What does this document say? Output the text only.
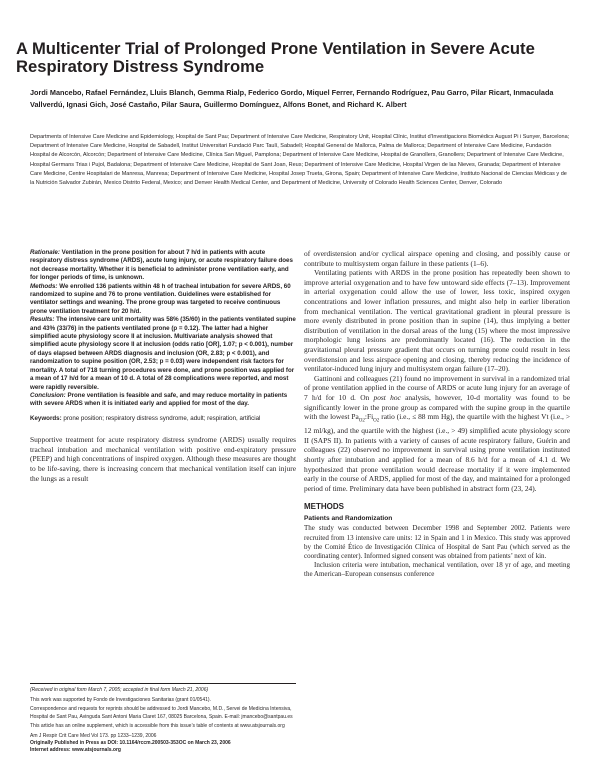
A Multicenter Trial of Prolonged Prone Ventilation in Severe Acute Respiratory Distress Syndrome
Jordi Mancebo, Rafael Fernández, Lluis Blanch, Gemma Rialp, Federico Gordo, Miquel Ferrer, Fernando Rodríguez, Pau Garro, Pilar Ricart, Inmaculada Vallverdú, Ignasi Gich, José Castaño, Pilar Saura, Guillermo Domínguez, Alfons Bonet, and Richard K. Albert
Departments of Intensive Care Medicine and Epidemiology, Hospital de Sant Pau; Department of Intensive Care Medicine, Respiratory Unit, Hospital Clínic, Institut d’Investigacions Biomèdics August Pi i Sunyer, Barcelona; Department of Intensive Care Medicine, Hospital de Sabadell, Institut Universitari Fundació Parc Taulí, Sabadell; Hospital General de Mallorca, Palma de Mallorca; Department of Intensive Care Medicine, Fundación Hospital de Alcorcón, Alcorcón; Department of Intensive Care Medicine, Clínica San Miguel, Pamplona; Department of Intensive Care Medicine, Hospital de Granollers, Granollers; Department of Intensive Care Medicine, Hospital Germans Trias i Pujol, Badalona; Department of Intensive Care Medicine, Hospital de Sant Joan, Reus; Department of Intensive Care Medicine, Hospital Virgen de las Nieves, Granada; Department of Intensive Care Medicine, Centre Hospitalari de Manresa, Manresa; Department of Intensive Care Medicine, Hospital Josep Trueta, Girona, Spain; Department of Intensive Care Medicine, Instituto Nacional de Ciencias Médicas y de la Nutrición Salvador Zubirán, Mexico Distrito Federal, Mexico; and Denver Health Medical Center, and Department of Medicine, University of Colorado Health Sciences Center, Denver, Colorado

Rationale: Ventilation in the prone position for about 7 h/d in patients with acute respiratory distress syndrome (ARDS), acute lung injury, or acute respiratory failure does not decrease mortality. Whether it is beneficial to administer prone ventilation early, and for longer periods of time, is unknown.

Methods: We enrolled 136 patients within 48 h of tracheal intubation for severe ARDS, 60 randomized to supine and 76 to prone ventilation. Guidelines were established for ventilator settings and weaning. The prone group was targeted to receive continuous prone ventilation treatment for 20 h/d.

Results: The intensive care unit mortality was 58% (35/60) in the patients ventilated supine and 43% (33/76) in the patients ventilated prone (p = 0.12). The latter had a higher simplified acute physiology score II at inclusion. Multivariate analysis showed that simplified acute physiology score II at inclusion (odds ratio [OR], 1.07; p < 0.001), number of days elapsed between ARDS diagnosis and inclusion (OR, 2.83; p < 0.001), and randomization to supine position (OR, 2.53; p = 0.03) were independent risk factors for mortality. A total of 718 turning procedures were done, and prone position was applied for a mean of 17 h/d for a mean of 10 d. A total of 28 complications were reported, and most were rapidly reversible.

Conclusion: Prone ventilation is feasible and safe, and may reduce mortality in patients with severe ARDS when it is initiated early and applied for most of the day.

Keywords: prone position; respiratory distress syndrome, adult; respiration, artificial

Supportive treatment for acute respiratory distress syndrome (ARDS) usually requires tracheal intubation and mechanical ventilation with positive end-expiratory pressure (PEEP) and high concentrations of inspired oxygen. Although these measures are thought to be life-saving, there is increasing concern that mechanical ventilation itself can injure the lungs as a result

(Received in original form March 7, 2005; accepted in final form March 21, 2006)

This work was supported by Fondo de Investigaciones Sanitarias (grant 01/0541).

Correspondence and requests for reprints should be addressed to Jordi Mancebo, M.D., Servei de Medicina Intensiva, Hospital de Sant Pau, Avinguda Sant Antoni Maria Claret 167, 08025 Barcelona, Spain. E-mail: jmancebo@santpau.es

This article has an online supplement, which is accessible from this issue’s table of contents at www.atsjournals.org

Am J Respir Crit Care Med Vol 173. pp 1233–1239, 2006

Originally Published in Press as DOI: 10.1164/rccm.200503-353OC on March 23, 2006

Internet address: www.atsjournals.org

of overdistension and/or cyclical airspace opening and closing, and possibly cause or contribute to multisystem organ failure in these patients (1–6).

Ventilating patients with ARDS in the prone position has repeatedly been shown to improve arterial oxygenation and to have few untoward side effects (7–13). Improvement in arterial oxygenation could allow the use of lower, less toxic, inspired oxygen concentrations and lower inflation pressures, and might also help in earlier liberation from mechanical ventilation. The vertical gravitational gradient in pleural pressure is more evenly distributed in prone position than in supine (14), thus implying a better distribution of ventilation in the dorsal areas of the lung (15) where the most impressive morphologic lung lesions are predominantly located (16). The reduction in the gravitational pleural pressure gradient that occurs on turning prone could result in less overdistension and less airspace opening and closing, thereby reducing the incidence of ventilator-induced lung injury and multisystem organ failure (17–20).

Gattinoni and colleagues (21) found no improvement in survival in a randomized trial of prone ventilation applied in the course of ARDS or acute lung injury for an average of 7 h/d for 10 d. On post hoc analysis, however, 10-d mortality was found to be significantly lower in the prone group as compared with the supine group in the quartile with the lowest $Pa_{O2}:Fi_{O2}$ ratio (i.e., ≤ 88 mm Hg), the quartile with the highest Vt (i.e., > 12 ml/kg), and the quartile with the highest (i.e., > 49) simplified acute physiology score II (SAPS II). In patients with a variety of causes of acute respiratory failure, Guérin and colleagues (22) observed no improvement in survival using prone ventilation instituted shortly after intubation and applied for a mean of 8.6 h/d for a mean of 4.1 d. We hypothesized that prone ventilation would decrease mortality if it were implemented early in the course of ARDS, applied for most of the day, and maintained for a prolonged period of time. Preliminary data have been published in abstract form (23, 24).

METHODS
Patients and Randomization

The study was conducted between December 1998 and September 2002. Patients were recruited from 13 intensive care units: 12 in Spain and 1 in Mexico. This study was approved by the Comité Ético de Investigación Clínica of Hospital de Sant Pau (which served as the coordinating center). Informed signed consent was obtained from patients’ next of kin.

Inclusion criteria were intubation, mechanical ventilation, over 18 yr of age, and meeting the American–European consensus conference
